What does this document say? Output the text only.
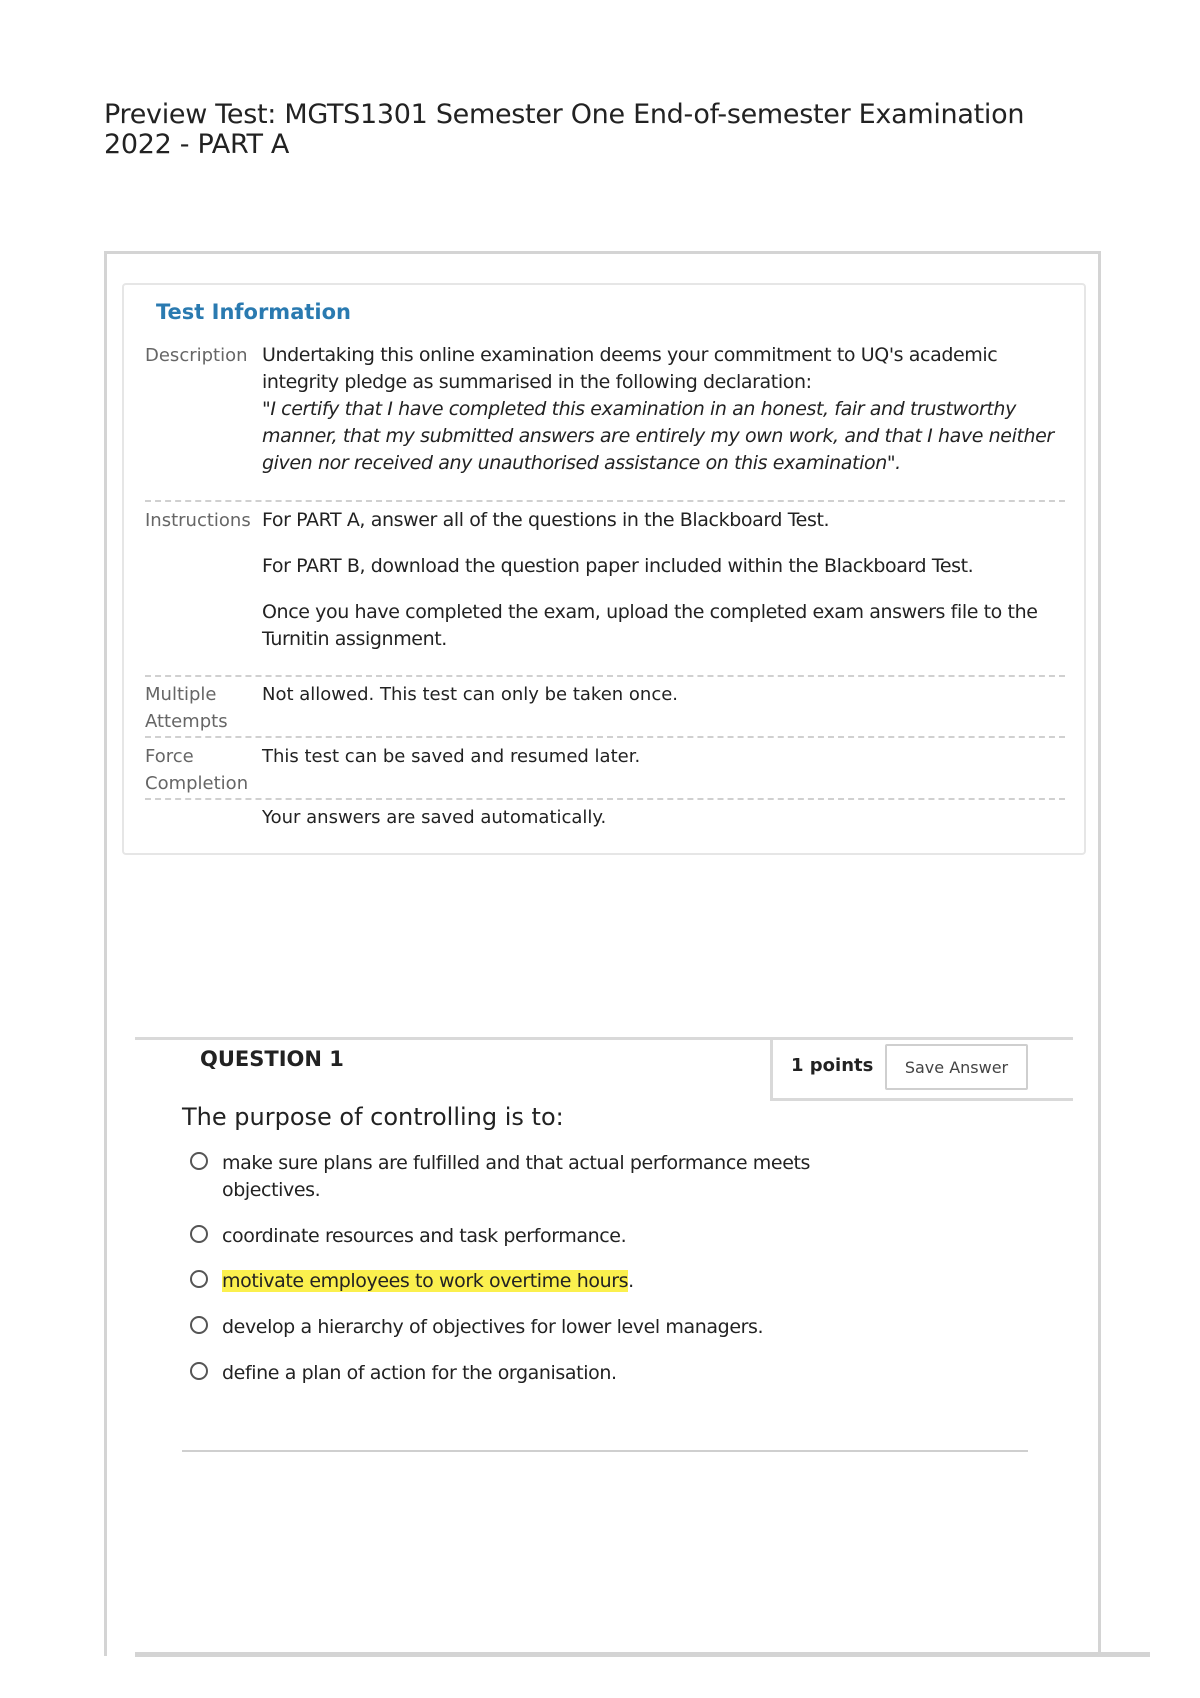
Preview Test: MGTS1301 Semester One End-of-semester Examination 2022 - PART A
Test Information
Description Undertaking this online examination deems your commitment to UQ's academic integrity pledge as summarised in the following declaration:

"I certify that I have completed this examination in an honest, fair and trustworthy manner, that my submitted answers are entirely my own work, and that I have neither given nor received any unauthorised assistance on this examination".
Instructions For PART A, answer all of the questions in the Blackboard Test.

For PART B, download the question paper included within the Blackboard Test.

Once you have completed the exam, upload the completed exam answers file to the Turnitin assignment.

Multiple Attempts
Not allowed. This test can only be taken once.
Force Completion
This test can be saved and resumed later.
Your answers are saved automatically.
QUESTION 1	1 points	Save Answer

The purpose of controlling is to:

make sure plans are fulfilled and that actual performance meets objectives.
coordinate resources and task performance.
motivate employees to work overtime hours.
develop a hierarchy of objectives for lower level managers.
define a plan of action for the organisation.
